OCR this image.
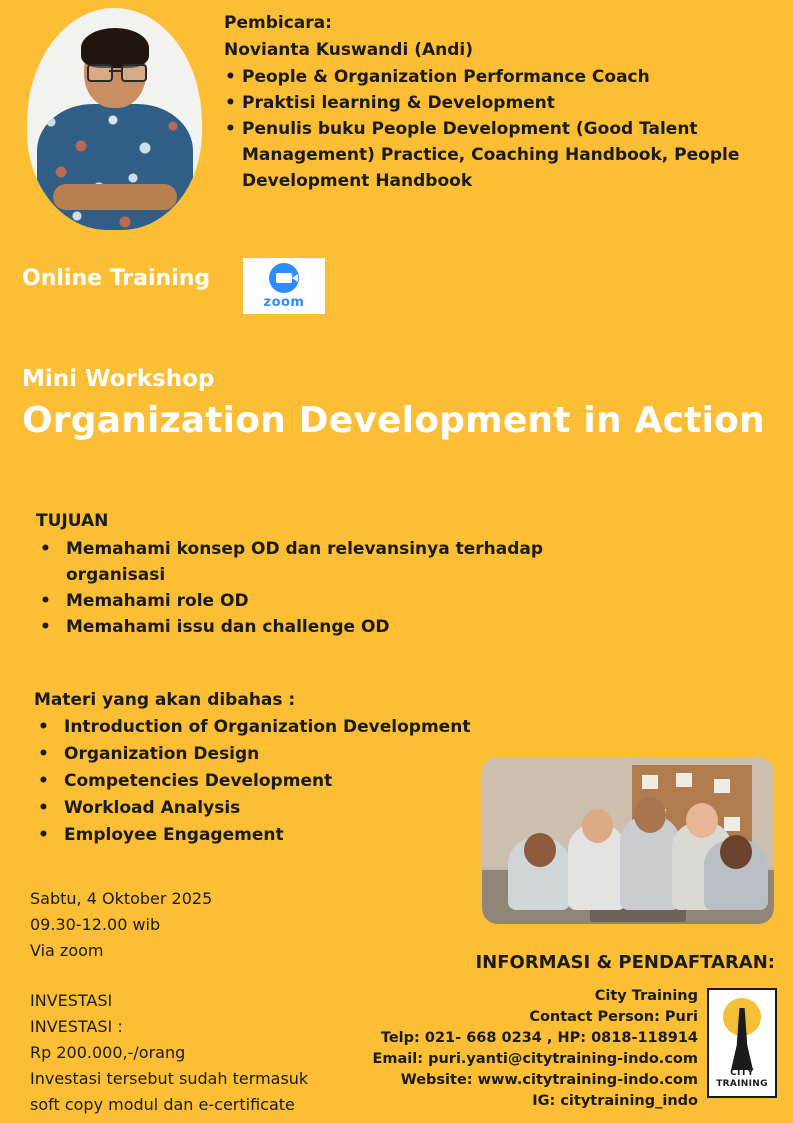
Pembicara:
Novianta Kuswandi (Andi)
• People & Organization Performance Coach
• Praktisi learning & Development
• Penulis buku People Development (Good Talent Management) Practice, Coaching Handbook, People Development Handbook
Online Training
zoom
Mini Workshop
Organization Development in Action
TUJUAN
• Memahami konsep OD dan relevansinya terhadap organisasi
• Memahami role OD
• Memahami issu dan challenge OD
Materi yang akan dibahas :
• Introduction of Organization Development
• Organization Design
• Competencies Development
• Workload Analysis
• Employee Engagement
Sabtu, 4 Oktober 2025
09.30-12.00 wib
Via zoom
INVESTASI
INVESTASI :
Rp 200.000,-/orang
Investasi tersebut sudah termasuk
soft copy modul dan e-certificate
INFORMASI & PENDAFTARAN:
City Training
Contact Person: Puri
Telp: 021- 668 0234 , HP: 0818-118914
Email: puri.yanti@citytraining-indo.com
Website: www.citytraining-indo.com
IG: citytraining_indo
CITY TRAINING
